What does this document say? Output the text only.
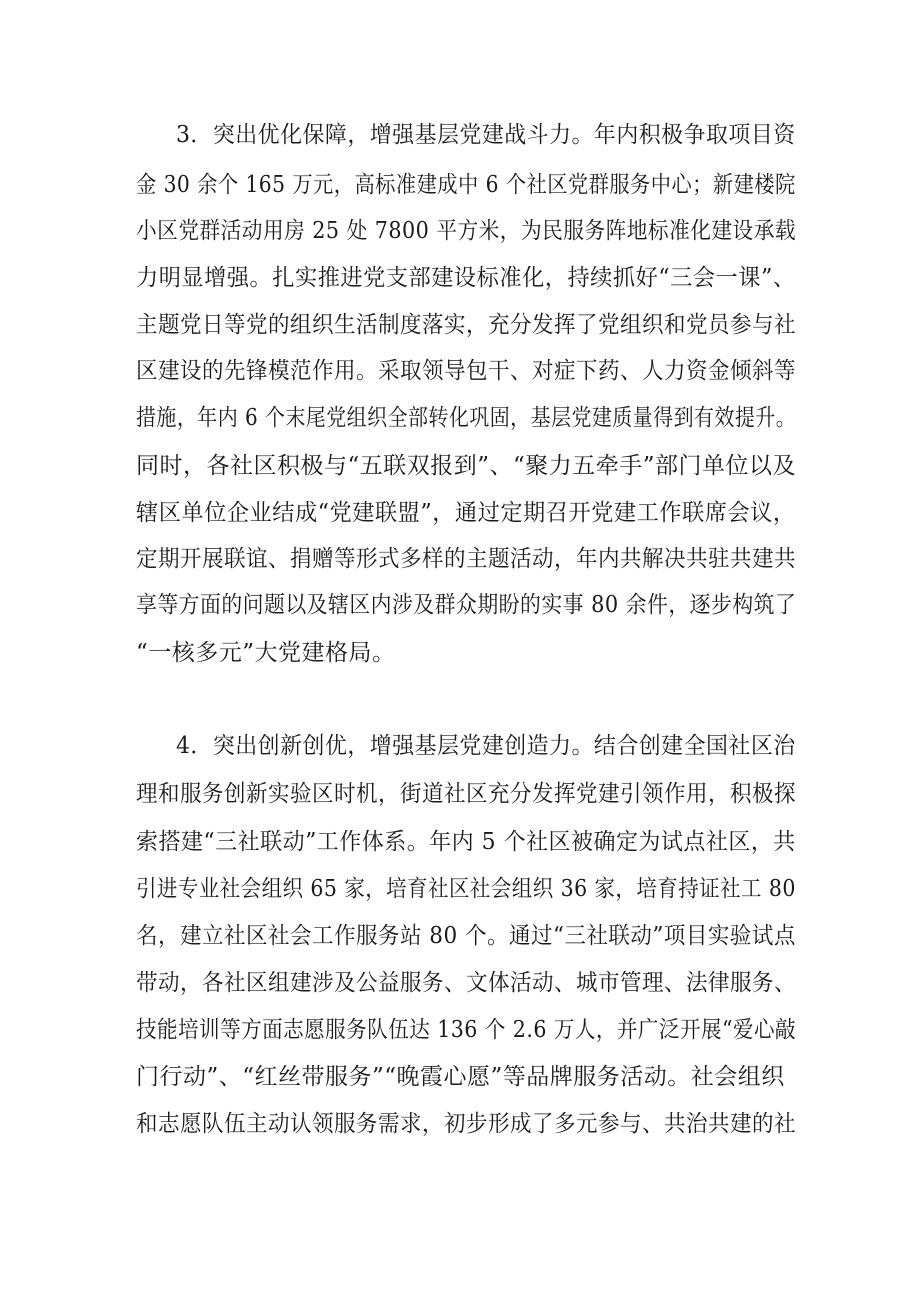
3．突出优化保障，增强基层党建战斗力。年内积极争取项目资
金 30 余个 165 万元，高标准建成中 6 个社区党群服务中心；新建楼院
小区党群活动用房 25 处 7800 平方米，为民服务阵地标准化建设承载
力明显增强。扎实推进党支部建设标准化，持续抓好“三会一课”、
主题党日等党的组织生活制度落实，充分发挥了党组织和党员参与社
区建设的先锋模范作用。采取领导包干、对症下药、人力资金倾斜等
措施，年内 6 个末尾党组织全部转化巩固，基层党建质量得到有效提升。
同时，各社区积极与“五联双报到”、“聚力五牵手”部门单位以及
辖区单位企业结成“党建联盟”，通过定期召开党建工作联席会议，
定期开展联谊、捐赠等形式多样的主题活动，年内共解决共驻共建共
享等方面的问题以及辖区内涉及群众期盼的实事 80 余件，逐步构筑了
“一核多元”大党建格局。
4．突出创新创优，增强基层党建创造力。结合创建全国社区治
理和服务创新实验区时机，街道社区充分发挥党建引领作用，积极探
索搭建“三社联动”工作体系。年内 5 个社区被确定为试点社区，共
引进专业社会组织 65 家，培育社区社会组织 36 家，培育持证社工 80
名，建立社区社会工作服务站 80 个。通过“三社联动”项目实验试点
带动，各社区组建涉及公益服务、文体活动、城市管理、法律服务、
技能培训等方面志愿服务队伍达 136 个 2.6 万人，并广泛开展“爱心敲
门行动”、“红丝带服务”“晚霞心愿”等品牌服务活动。社会组织
和志愿队伍主动认领服务需求，初步形成了多元参与、共治共建的社
